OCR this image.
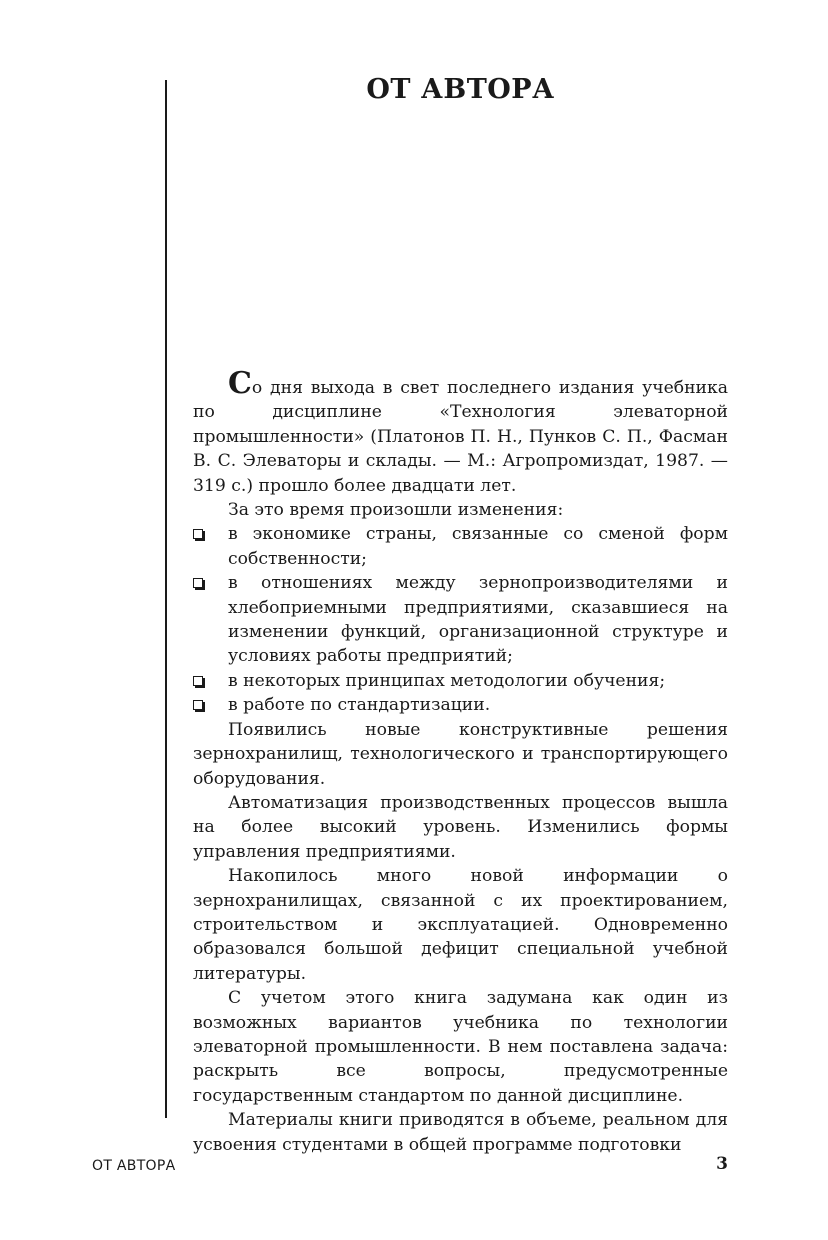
ОТ АВТОРА

Со дня выхода в свет последнего издания учебника по дисциплине «Технология элеваторной промышленности» (Платонов П. Н., Пунков С. П., Фасман В. С. Элеваторы и склады. — М.: Агропромиздат, 1987. — 319 с.) прошло более двадцати лет.

За это время произошли изменения:

в экономике страны, связанные со сменой форм собственности;
в отношениях между зернопроизводителями и хлебоприемными предприятиями, сказавшиеся на изменении функций, организационной структуре и условиях работы предприятий;
в некоторых принципах методологии обучения;
в работе по стандартизации.

Появились новые конструктивные решения зернохранилищ, технологического и транспортирующего оборудования.

Автоматизация производственных процессов вышла на более высокий уровень. Изменились формы управления предприятиями.

Накопилось много новой информации о зернохранилищах, связанной с их проектированием, строительством и эксплуатацией. Одновременно образовался большой дефицит специальной учебной литературы.

С учетом этого книга задумана как один из возможных вариантов учебника по технологии элеваторной промышленности. В нем поставлена задача: раскрыть все вопросы, предусмотренные государственным стандартом по данной дисциплине.

Материалы книги приводятся в объеме, реальном для усвоения студентами в общей программе подготовки

ОТ АВТОРА	3
